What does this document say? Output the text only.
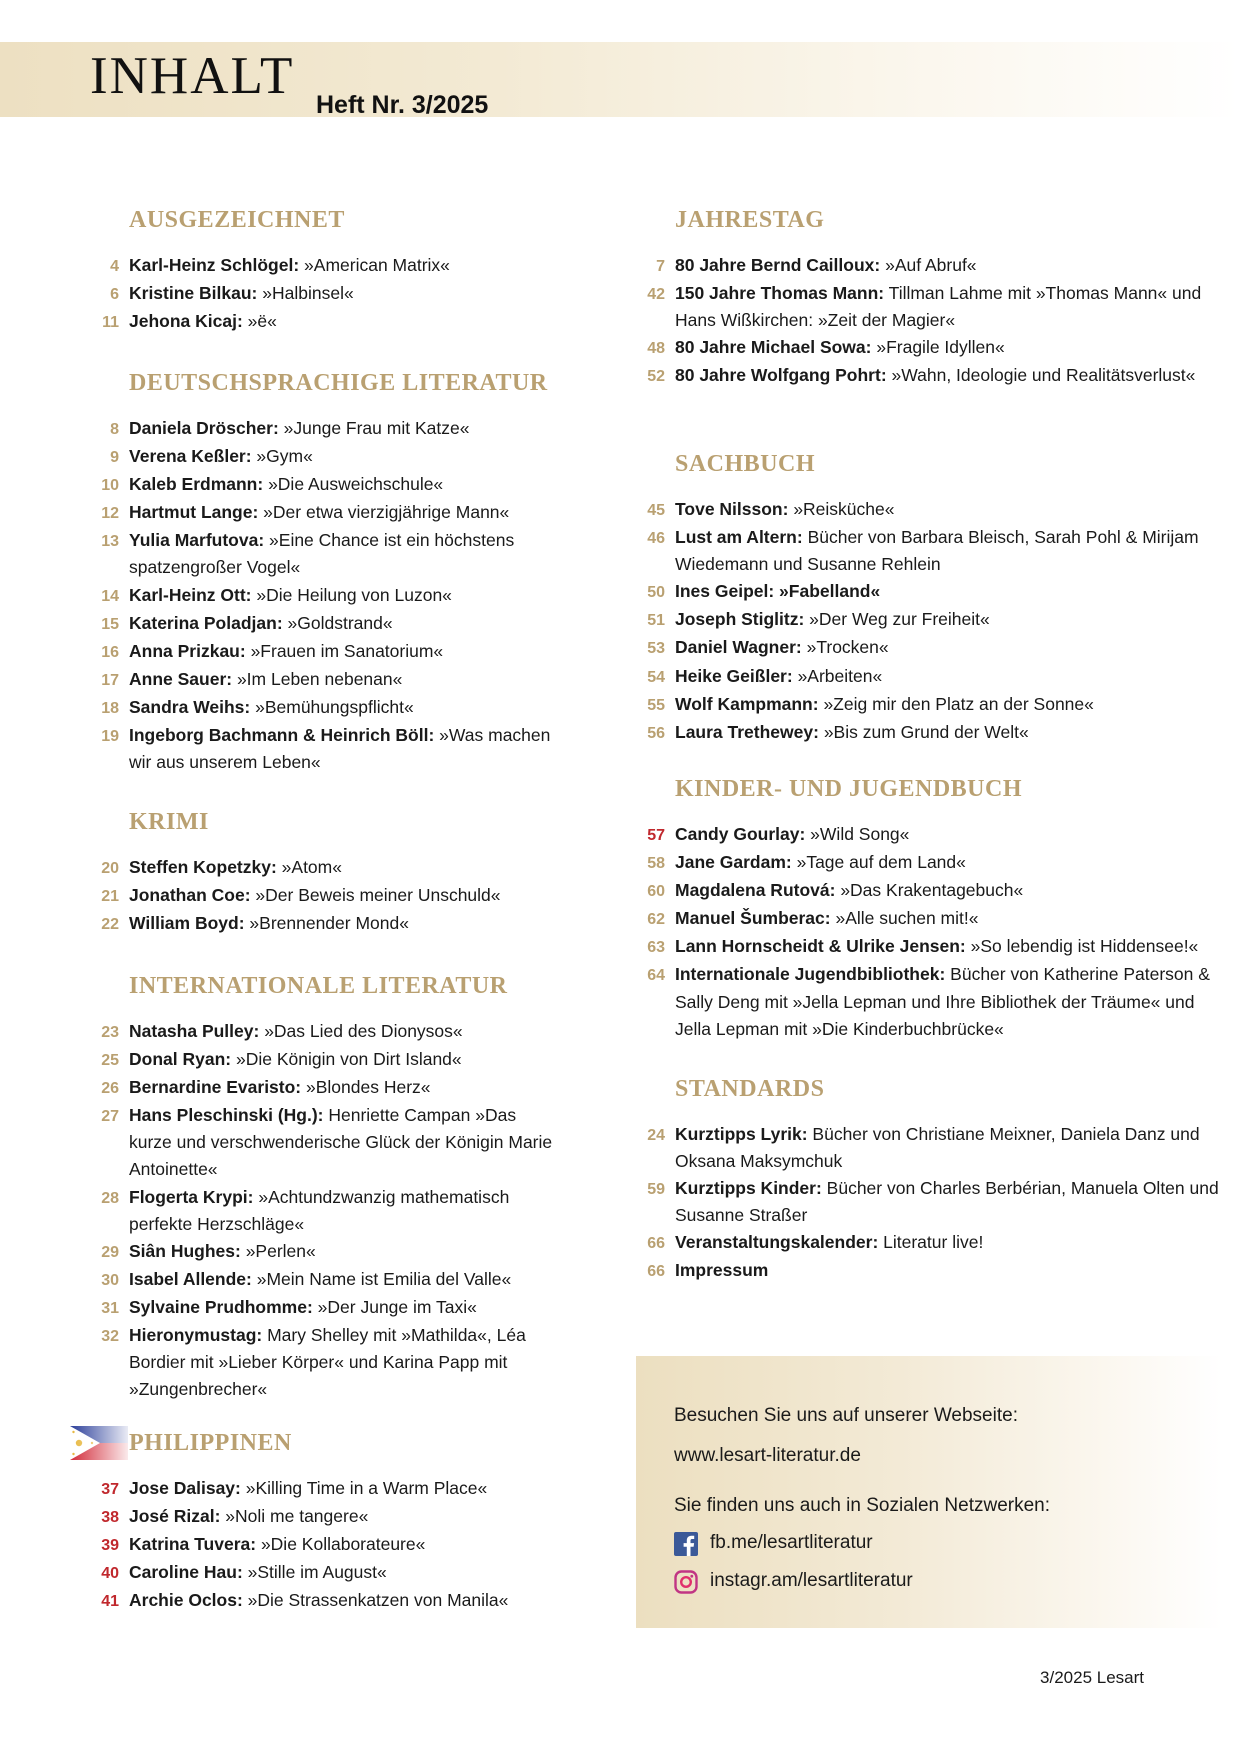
INHALT Heft Nr. 3/2025
AUSGEZEICHNET
4 Karl-Heinz Schlögel: »American Matrix«
6 Kristine Bilkau: »Halbinsel«
11 Jehona Kicaj: »ë«
DEUTSCHSPRACHIGE LITERATUR
8 Daniela Dröscher: »Junge Frau mit Katze«
9 Verena Keßler: »Gym«
10 Kaleb Erdmann: »Die Ausweichschule«
12 Hartmut Lange: »Der etwa vierzigjährige Mann«
13 Yulia Marfutova: »Eine Chance ist ein höchstens spatzengroßer Vogel«
14 Karl-Heinz Ott: »Die Heilung von Luzon«
15 Katerina Poladjan: »Goldstrand«
16 Anna Prizkau: »Frauen im Sanatorium«
17 Anne Sauer: »Im Leben nebenan«
18 Sandra Weihs: »Bemühungspflicht«
19 Ingeborg Bachmann & Heinrich Böll: »Was machen wir aus unserem Leben«
KRIMI
20 Steffen Kopetzky: »Atom«
21 Jonathan Coe: »Der Beweis meiner Unschuld«
22 William Boyd: »Brennender Mond«
INTERNATIONALE LITERATUR
23 Natasha Pulley: »Das Lied des Dionysos«
25 Donal Ryan: »Die Königin von Dirt Island«
26 Bernardine Evaristo: »Blondes Herz«
27 Hans Pleschinski (Hg.): Henriette Campan »Das kurze und verschwenderische Glück der Königin Marie Antoinette«
28 Flogerta Krypi: »Achtundzwanzig mathematisch perfekte Herzschläge«
29 Siân Hughes: »Perlen«
30 Isabel Allende: »Mein Name ist Emilia del Valle«
31 Sylvaine Prudhomme: »Der Junge im Taxi«
32 Hieronymustag: Mary Shelley mit »Mathilda«, Léa Bordier mit »Lieber Körper« und Karina Papp mit »Zungenbrecher«
PHILIPPINEN
37 Jose Dalisay: »Killing Time in a Warm Place«
38 José Rizal: »Noli me tangere«
39 Katrina Tuvera: »Die Kollaborateure«
40 Caroline Hau: »Stille im August«
41 Archie Oclos: »Die Strassenkatzen von Manila«
JAHRESTAG
7 80 Jahre Bernd Cailloux: »Auf Abruf«
42 150 Jahre Thomas Mann: Tillman Lahme mit »Thomas Mann« und Hans Wißkirchen: »Zeit der Magier«
48 80 Jahre Michael Sowa: »Fragile Idyllen«
52 80 Jahre Wolfgang Pohrt: »Wahn, Ideologie und Realitätsverlust«
SACHBUCH
45 Tove Nilsson: »Reisküche«
46 Lust am Altern: Bücher von Barbara Bleisch, Sarah Pohl & Mirijam Wiedemann und Susanne Rehlein
50 Ines Geipel: »Fabelland«
51 Joseph Stiglitz: »Der Weg zur Freiheit«
53 Daniel Wagner: »Trocken«
54 Heike Geißler: »Arbeiten«
55 Wolf Kampmann: »Zeig mir den Platz an der Sonne«
56 Laura Trethewey: »Bis zum Grund der Welt«
KINDER- UND JUGENDBUCH
57 Candy Gourlay: »Wild Song«
58 Jane Gardam: »Tage auf dem Land«
60 Magdalena Rutová: »Das Krakentagebuch«
62 Manuel Šumberac: »Alle suchen mit!«
63 Lann Hornscheidt & Ulrike Jensen: »So lebendig ist Hiddensee!«
64 Internationale Jugendbibliothek: Bücher von Katherine Paterson & Sally Deng mit »Jella Lepman und Ihre Bibliothek der Träume« und Jella Lepman mit »Die Kinderbuchbrücke«
STANDARDS
24 Kurztipps Lyrik: Bücher von Christiane Meixner, Daniela Danz und Oksana Maksymchuk
59 Kurztipps Kinder: Bücher von Charles Berbérian, Manuela Olten und Susanne Straßer
66 Veranstaltungskalender: Literatur live!
66 Impressum

Besuchen Sie uns auf unserer Webseite:

www.lesart-literatur.de

Sie finden uns auch in Sozialen Netzwerken:

fb.me/lesartliteratur

instagr.am/lesartliteratur

3/2025 Lesart
